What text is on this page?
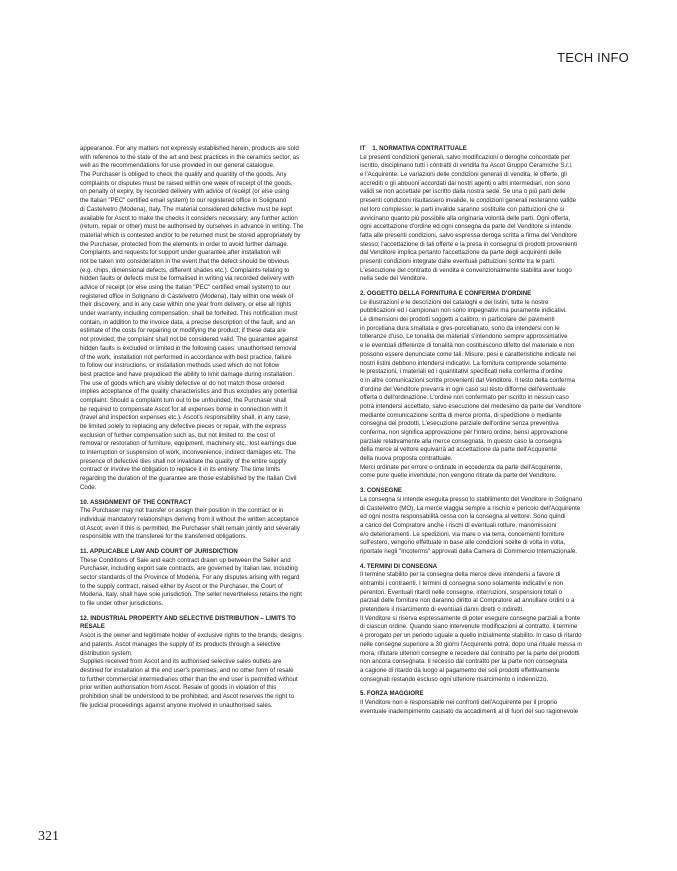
TECH INFO

appearance. For any matters not expressly established herein, products are sold
with reference to the state of the art and best practices in the ceramics sector, as
well as the recommendations for use provided in our general catalogue.
The Purchaser is obliged to check the quality and quantity of the goods. Any
complaints or disputes must be raised within one week of receipt of the goods,
on penalty of expiry, by recorded delivery with advice of receipt (or else using
the Italian "PEC" certified email system) to our registered office in Solignano
di Castelvetro (Modena), Italy. The material considered defective must be kept
available for Ascot to make the checks it considers necessary; any further action
(return, repair or other) must be authorised by ourselves in advance in writing. The
material which is contested and/or to be returned must be stored appropriately by
the Purchaser, protected from the elements in order to avoid further damage.
Complaints and requests for support under guarantee after installation will
not be taken into consideration in the event that the defect should be obvious
(e.g. chips, dimensional defects, different shades etc.). Complaints relating to
hidden faults or defects must be formalised in writing via recorded delivery with
advice of receipt (or else using the Italian "PEC" certified email system) to our
registered office in Solignano di Castelvetro (Modena), Italy within one week of
their discovery, and in any case within one year from delivery, or else all rights
under warranty, including compensation, shall be forfeited. This notification must
contain, in addition to the invoice data, a precise description of the fault, and an
estimate of the costs for repairing or modifying the product; if these data are
not provided, the complaint shall not be considered valid. The guarantee against
hidden faults is excluded or limited in the following cases: unauthorised removal
of the work, installation not performed in accordance with best practice, failure
to follow our instructions, or installation methods used which do not follow
best practice and have prejudiced the ability to limit damage during installation.
The use of goods which are visibly defective or do not match those ordered
implies acceptance of the quality characteristics and thus excludes any potential
complaint. Should a complaint turn out to be unfounded, the Purchaser shall
be required to compensate Ascot for all expenses borne in connection with it
(travel and inspection expenses etc.). Ascot's responsibility shall, in any case,
be limited solely to replacing any defective pieces or repair, with the express
exclusion of further compensation such as, but not limited to: the cost of
removal or restoration of furniture, equipment, machinery etc.; lost earnings due
to interruption or suspension of work, inconvenience, indirect damages etc. The
presence of defective tiles shall not invalidate the quality of the entire supply
contract or involve the obligation to replace it in its entirety. The time limits
regarding the duration of the guarantee are those established by the Italian Civil
Code.

10. ASSIGNMENT OF THE CONTRACT

The Purchaser may not transfer or assign their position in the contract or in
individual mandatory relationships deriving from it without the written acceptance
of Ascot; even if this is permitted, the Purchaser shall remain jointly and severally
responsible with the transferee for the transferred obligations.

11. APPLICABLE LAW AND COURT OF JURISDICTION

These Conditions of Sale and each contract drawn up between the Seller and
Purchaser, including export sale contracts, are governed by Italian law, including
sector standards of the Province of Modena. For any disputes arising with regard
to the supply contract, raised either by Ascot or the Purchaser, the Court of
Modena, Italy, shall have sole jurisdiction. The seller nevertheless retains the right
to file under other jurisdictions.

12. INDUSTRIAL PROPERTY AND SELECTIVE DISTRIBUTION – LIMITS TO
RESALE

Ascot is the owner and legitimate holder of exclusive rights to the brands, designs
and patents. Ascot manages the supply of its products through a selective
distribution system.
Supplies received from Ascot and its authorised selective sales outlets are
destined for installation at the end user's premises, and no other form of resale
to further commercial intermediaries other than the end user is permitted without
prior written authorisation from Ascot. Resale of goods in violation of this
prohibition shall be understood to be prohibited, and Ascot reserves the right to
file judicial proceedings against anyone involved in unauthorised sales.

IT    1. NORMATIVA CONTRATTUALE

Le presenti condizioni generali, salvo modificazioni o deroghe concordate per
iscritto, disciplinano tutti i contratti di vendita fra Ascot Gruppo Ceramiche S.r.l.
e l'Acquirente. Le variazioni delle condizioni generali di vendita, le offerte, gli
accrediti o gli abbuoni accordati dai nostri agenti o altri intermediari, non sono
validi se non accettate per iscritto dalla nostra sede. Se una o più parti delle
presenti condizioni risultassero invalide, le condizioni generali resteranno valide
nel loro complesso; le parti invalide saranno sostituite con pattuizioni che si
avvicinano quanto più possibile alla originaria volontà delle parti. Ogni offerta,
ogni accettazione d'ordine ed ogni consegna da parte del Venditore si intende
fatta alle presenti condizioni, salvo espressa deroga scritta a firma del Venditore
stesso; l'accettazione di tali offerte e la presa in consegna di prodotti provenienti
dal Venditore implica pertanto l'accettazione da parte degli acquirenti delle
presenti condizioni integrate dalle eventuali pattuizioni scritte tra le parti.
L'esecuzione del contratto di vendita è convenzionalmente stabilita aver luogo
nella sede del Venditore.

2. OGGETTO DELLA FORNITURA E CONFERMA D'ORDINE

Le illustrazioni e le descrizioni dei cataloghi e dei listini, tutte le nostre
pubblicazioni ed i campionari non sono impegnativi ma puramente indicativi.
Le dimensioni dei prodotti soggetti a calibro, in particolare dei pavimenti
in porcellana dura smaltata e gres-porcellanato, sono da intendersi con le
tolleranze d'uso. Le tonalità dei materiali s'intendono sempre approssimative
e le eventuali differenze di tonalità non costituiscono difetto del materiale e non
possono essere denunciate come tali. Misure, pesi e caratteristiche indicate nei
nostri listini debbono intendersi indicativi. La fornitura comprende solamente
le prestazioni, i materiali ed i quantitativi specificati nella conferma d'ordine
o in altre comunicazioni scritte provenienti dal Venditore. Il testo della conferma
d'ordine del Venditore prevarrà in ogni caso sul testo difforme dell'eventuale
offerta o dell'ordinazione. L'ordine non confermato per iscritto in nessun caso
potrà intendersi accettato, salvo esecuzione del medesimo da parte del Venditore
mediante comunicazione scritta di merce pronta, di spedizione o mediante
consegna dei prodotti. L'esecuzione parziale dell'ordine senza preventiva
conferma, non significa approvazione per l'intero ordine, bensì approvazione
parziale relativamente alla merce consegnata. In questo caso la consegna
della merce al vettore equivarrà ad accettazione da parte dell'Acquirente
della nuova proposta contrattuale.
Merci ordinate per errore o ordinate in eccedenza da parte dell'Acquirente,
come pure quelle invendute, non vengono ritirate da parte del Venditore.

3. CONSEGNE

La consegna si intende eseguita presso lo stabilimento del Venditore in Solignano
di Castelvetro (MO). La merce viaggia sempre a rischio e pericolo dell'Acquirente
ed ogni nostra responsabilità cessa con la consegna al vettore. Sono quindi
a carico del Compratore anche i rischi di eventuali rotture, manomissioni
e/o deterioramenti. Le spedizioni, via mare o via terra, concernenti forniture
sull'estero, vengono effettuate in base alle condizioni scelte di volta in volta,
riportate negli "Incoterms" approvati dalla Camera di Commercio Internazionale.

4. TERMINI DI CONSEGNA

Il termine stabilito per la consegna della merce deve intendersi a favore di
entrambi i contraenti. I termini di consegna sono solamente indicativi e non
perentori. Eventuali ritardi nelle consegne, interruzioni, sospensioni totali o
parziali delle forniture non daranno diritto al Compratore ad annullare ordini o a
pretendere il risarcimento di eventuali danni diretti o indiretti.
Il Venditore si riserva espressamente di poter eseguire consegne parziali a fronte
di ciascun ordine. Quando siano intervenute modificazioni al contratto, il termine
è prorogato per un periodo uguale a quello inizialmente stabilito. In caso di ritardo
nelle consegne superiore a 30 giorni l'Acquirente potrà, dopo una rituale messa in
mora, rifiutare ulteriori consegne e recedere dal contratto per la parte dei prodotti
non ancora consegnata. Il recesso dal contratto per la parte non consegnata
a cagione di ritardo dà luogo al pagamento dei soli prodotti effettivamente
consegnati restando escluso ogni ulteriore risarcimento o indennizzo.

5. FORZA MAGGIORE

Il Venditore non è responsabile nei confronti dell'Acquirente per il proprio
eventuale inadempimento causato da accadimenti al di fuori del suo ragionevole

321
